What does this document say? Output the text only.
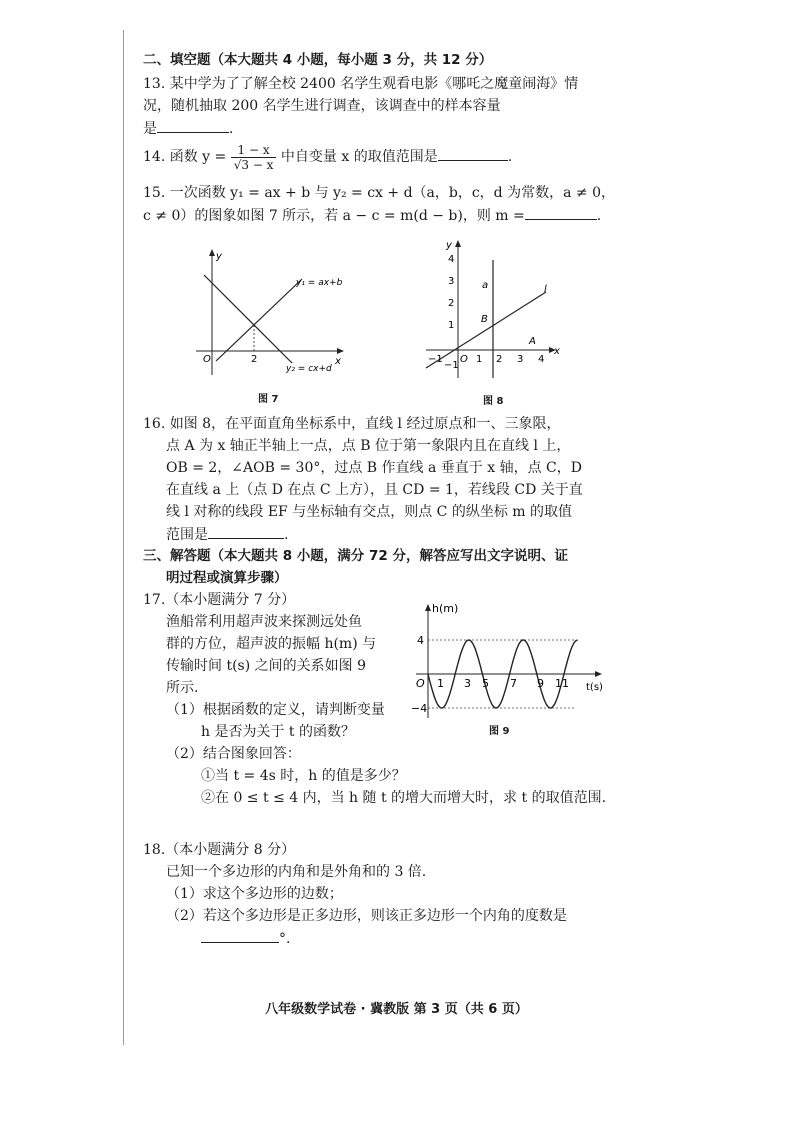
二、填空题（本大题共 4 小题，每小题 3 分，共 12 分）
13. 某中学为了了解全校 2400 名学生观看电影《哪吒之魔童闹海》情
况，随机抽取 200 名学生进行调查，该调查中的样本容量
是	.
14. 函数 $y = \frac{1 - x}{√3 - x}$ 中自变量 x 的取值范围是	.
15. 一次函数 y₁ = ax + b 与 y₂ = cx + d（a，b，c，d 为常数，a ≠ 0，
c ≠ 0）的图象如图 7 所示，若 a − c = m(d − b)，则 m =	.
y
x
O	2
y₁ = ax+b
y₂ = cx+d
图 7
4
3
2
1
−1
−1	1 2 3 4
y
x
O
a	l
B
A
图 8
16. 如图 8，在平面直角坐标系中，直线 l 经过原点和一、三象限，
点 A 为 x 轴正半轴上一点，点 B 位于第一象限内且在直线 l 上，
OB = 2，∠AOB = 30°，过点 B 作直线 a 垂直于 x 轴，点 C，D
在直线 a 上（点 D 在点 C 上方），且 CD = 1，若线段 CD 关于直
线 l 对称的线段 EF 与坐标轴有交点，则点 C 的纵坐标 m 的取值
范围是	.
三、解答题（本大题共 8 小题，满分 72 分，解答应写出文字说明、证
明过程或演算步骤）
17.（本小题满分 7 分）
渔船常利用超声波来探测远处鱼
群的方位，超声波的振幅 h(m) 与
传输时间 t(s) 之间的关系如图 9
所示.
（1）根据函数的定义，请判断变量
h 是否为关于 t 的函数？
（2）结合图象回答：
①当 t = 4s 时，h 的值是多少？
②在 0 ≤ t ≤ 4 内，当 h 随 t 的增大而增大时，求 t 的取值范围.
h(m)
t(s)
O
4
−4
1 3 5 7 9 11
图 9
18.（本小题满分 8 分）
已知一个多边形的内角和是外角和的 3 倍.
（1）求这个多边形的边数；
（2）若这个多边形是正多边形，则该正多边形一个内角的度数是
°.
八年级数学试卷 · 冀教版 第 3 页（共 6 页）
